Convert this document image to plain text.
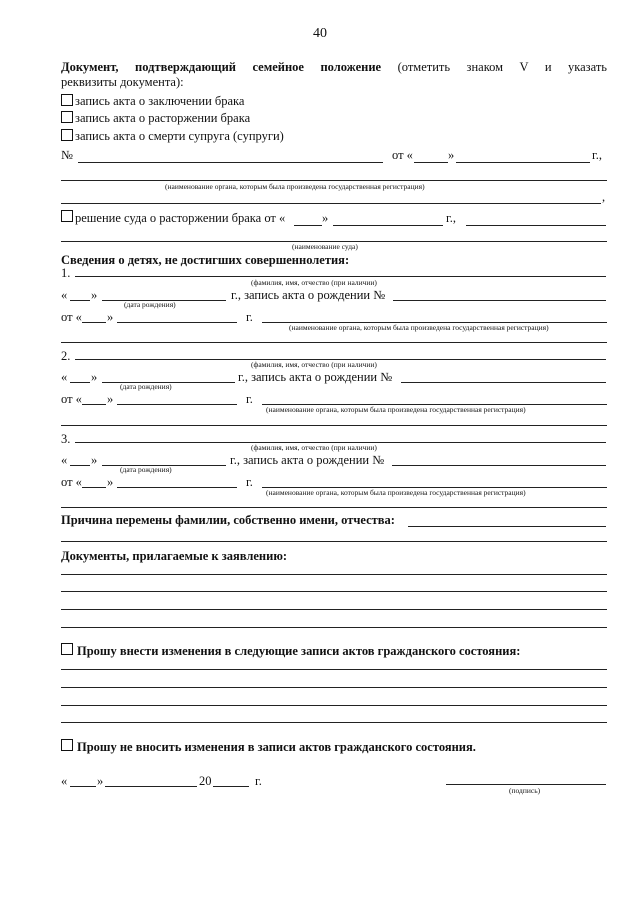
40
Документ, подтверждающий семейное положение (отметить знаком V и указать
реквизиты документа):
запись акта о заключении брака
запись акта о расторжении брака
запись акта о смерти супруга (супруги)
№	от «	»	г.,
(наименование органа, которым была произведена государственная регистрация)
,
решение суда о расторжении брака от «	»	г.,
(наименование суда)
Сведения о детях, не достигших совершеннолетия:
1.
(фамилия, имя, отчество (при наличии)
« »	г., запись акта о рождении №
(дата рождения)
от « »	г.
(наименование органа, которым была произведена государственная регистрация)
2.
(фамилия, имя, отчество (при наличии)
« »	г., запись акта о рождении №
(дата рождения)
от « »	г.
(наименование органа, которым была произведена государственная регистрация)
3.
(фамилия, имя, отчество (при наличии)
« »	г., запись акта о рождении №
(дата рождения)
от « »	г.
(наименование органа, которым была произведена государственная регистрация)
Причина перемены фамилии, собственно имени, отчества:
Документы, прилагаемые к заявлению:
Прошу внести изменения в следующие записи актов гражданского состояния:
Прошу не вносить изменения в записи актов гражданского состояния.
« »	20	г.
(подпись)
